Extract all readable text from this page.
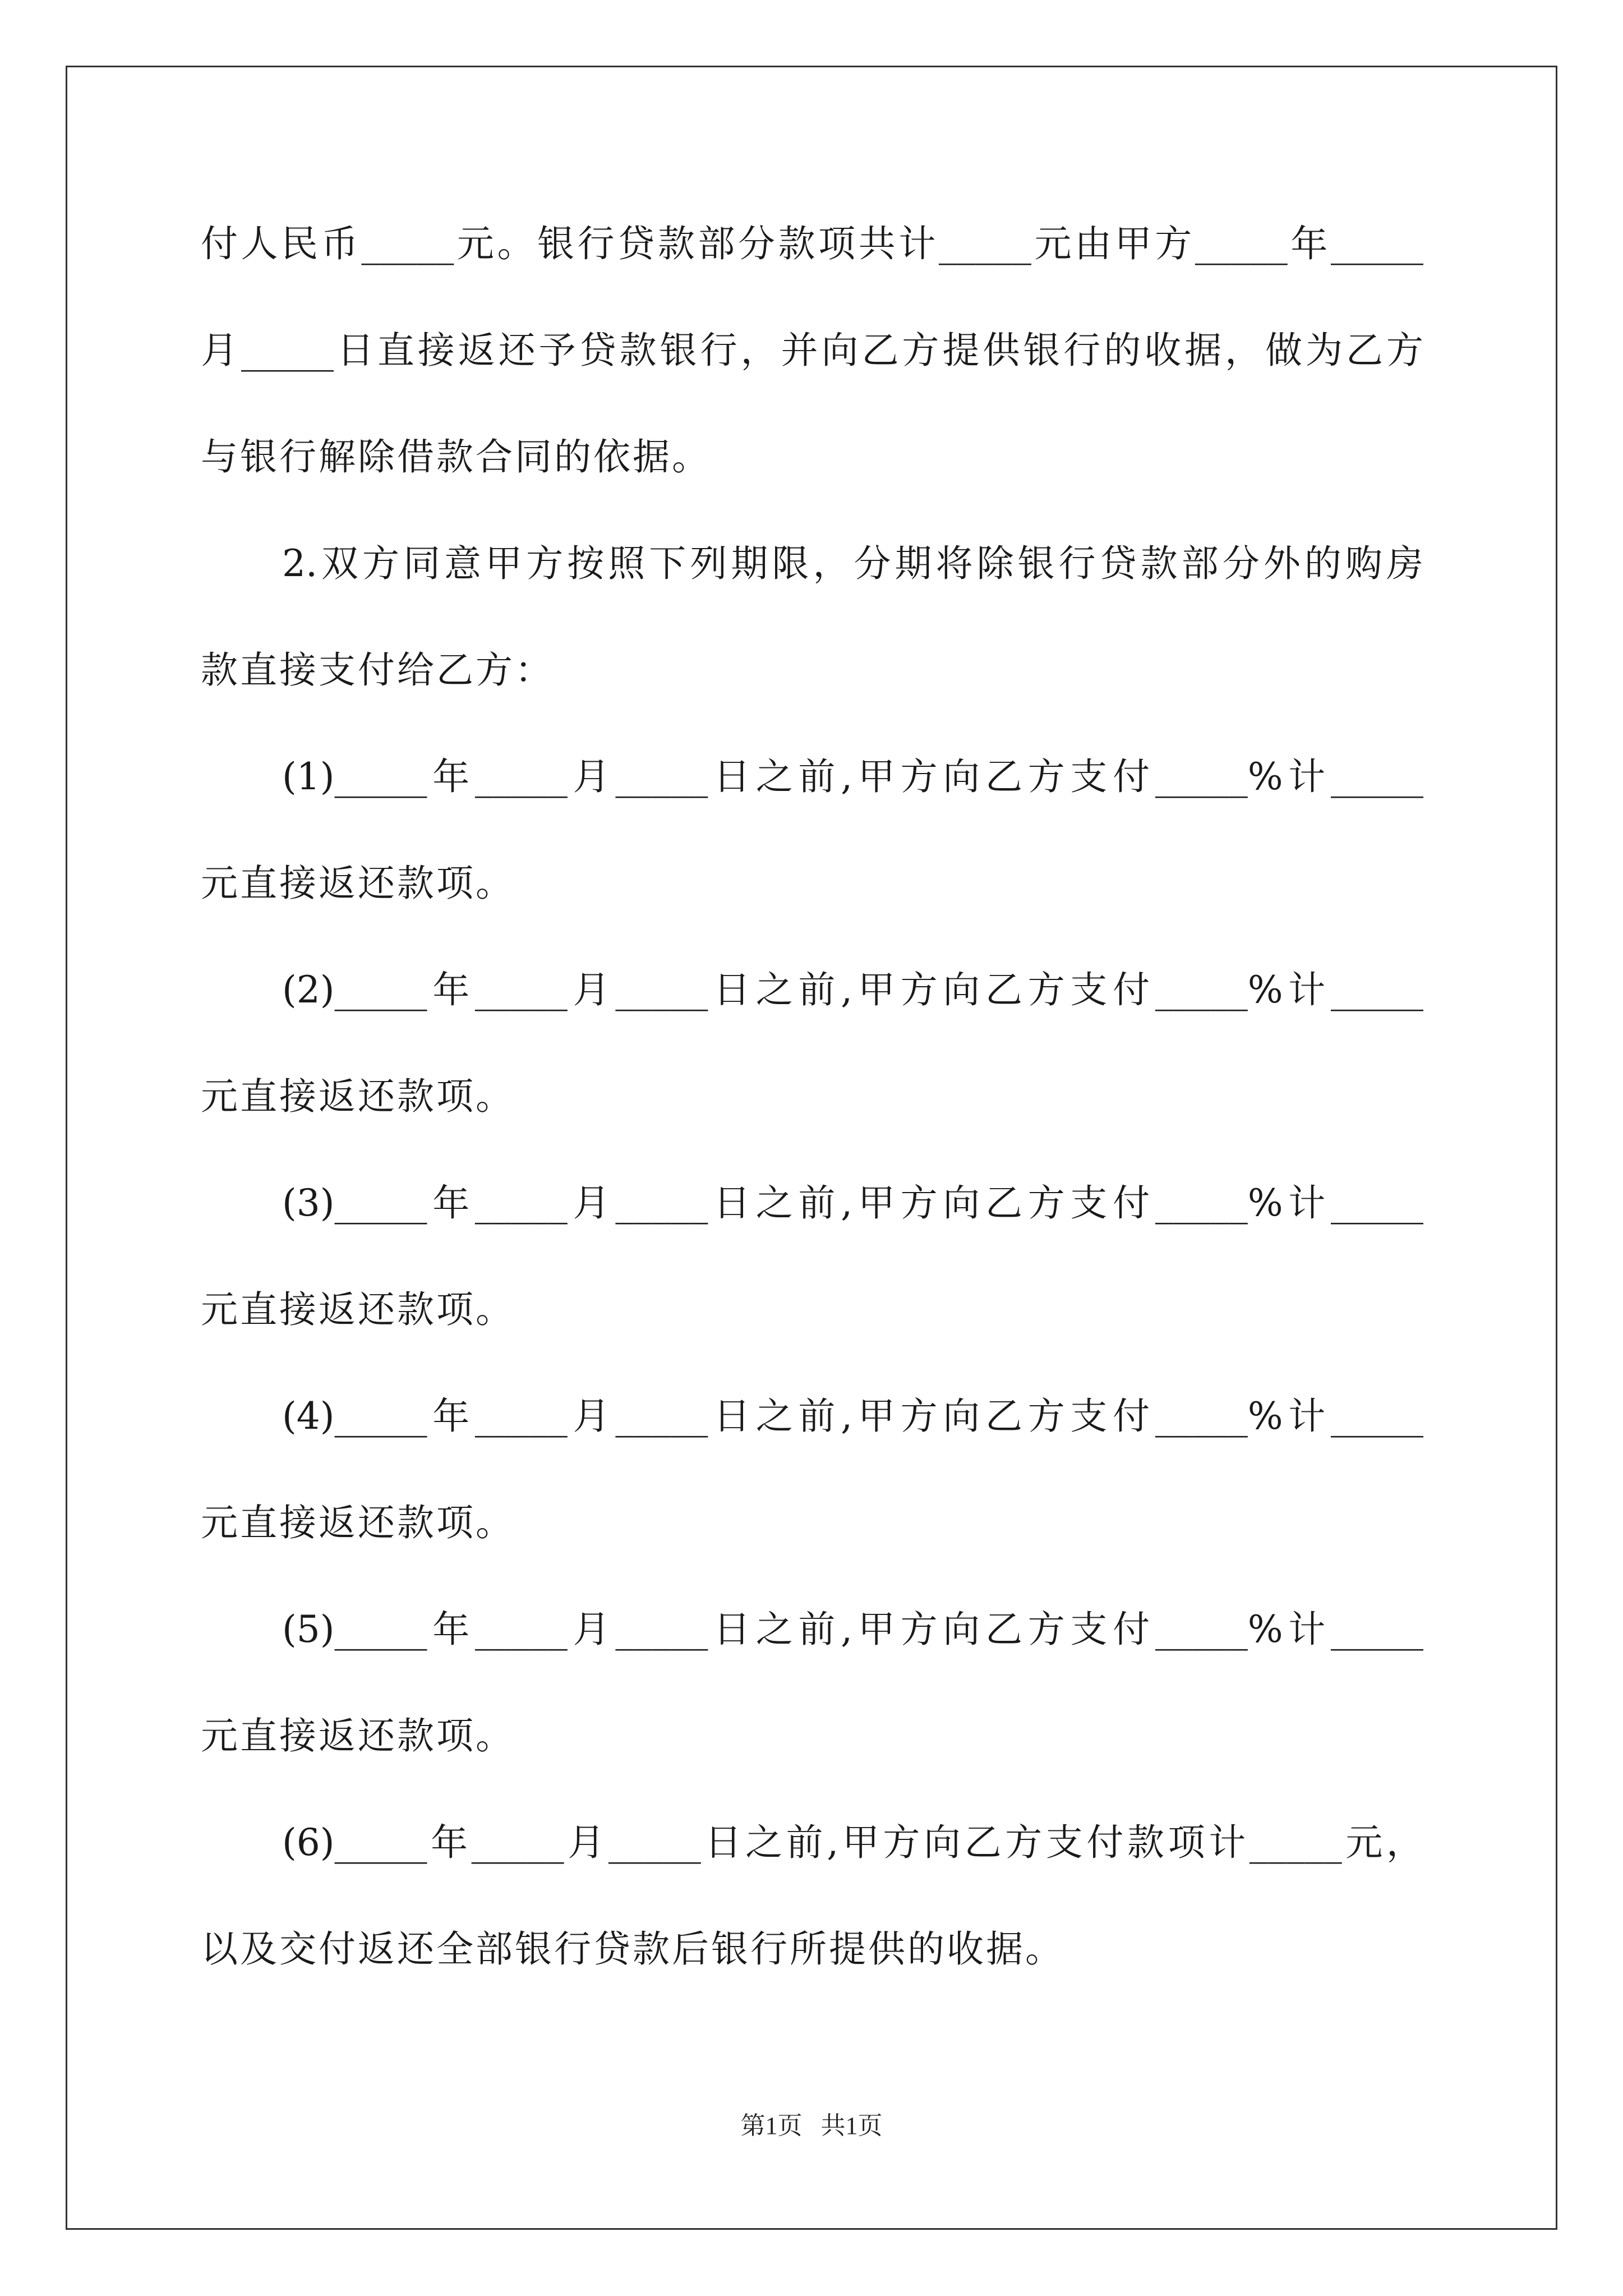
付人民币_____元。银行贷款部分款项共计_____元由甲方_____年_____
月_____日直接返还予贷款银行，并向乙方提供银行的收据，做为乙方
与银行解除借款合同的依据。
2.双方同意甲方按照下列期限，分期将除银行贷款部分外的购房
款直接支付给乙方：
(1)_____年_____月_____日之前,甲方向乙方支付_____%计_____
元直接返还款项。
(2)_____年_____月_____日之前,甲方向乙方支付_____%计_____
元直接返还款项。
(3)_____年_____月_____日之前,甲方向乙方支付_____%计_____
元直接返还款项。
(4)_____年_____月_____日之前,甲方向乙方支付_____%计_____
元直接返还款项。
(5)_____年_____月_____日之前,甲方向乙方支付_____%计_____
元直接返还款项。
(6)_____年_____月_____日之前,甲方向乙方支付款项计_____元，
以及交付返还全部银行贷款后银行所提供的收据。
第1页   共1页
